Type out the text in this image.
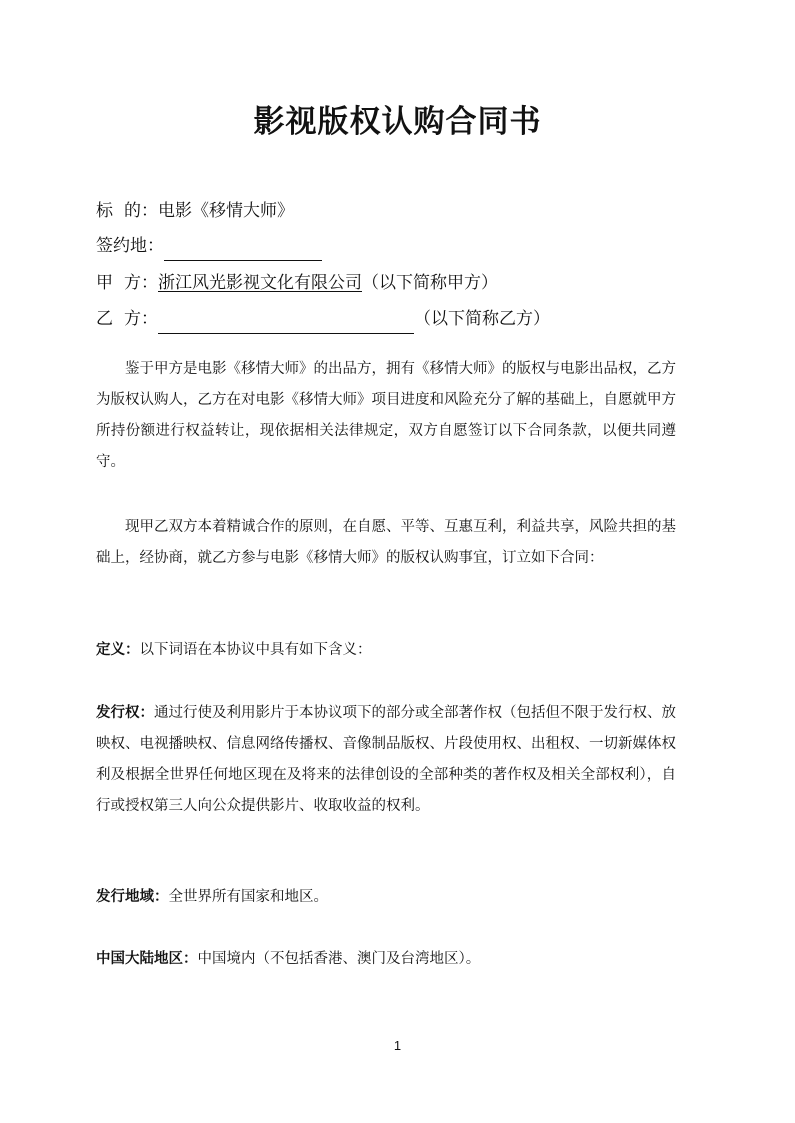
影视版权认购合同书
标 的：电影《移情大师》
签约地：
甲 方：浙江风光影视文化有限公司（以下简称甲方）
乙 方：	（以下简称乙方）
鉴于甲方是电影《移情大师》的出品方，拥有《移情大师》的版权与电影出品权，乙方为版权认购人，乙方在对电影《移情大师》项目进度和风险充分了解的基础上，自愿就甲方所持份额进行权益转让，现依据相关法律规定，双方自愿签订以下合同条款，以便共同遵守。
现甲乙双方本着精诚合作的原则，在自愿、平等、互惠互利，利益共享，风险共担的基础上，经协商，就乙方参与电影《移情大师》的版权认购事宜，订立如下合同：
定义：以下词语在本协议中具有如下含义：
发行权：通过行使及利用影片于本协议项下的部分或全部著作权（包括但不限于发行权、放映权、电视播映权、信息网络传播权、音像制品版权、片段使用权、出租权、一切新媒体权利及根据全世界任何地区现在及将来的法律创设的全部种类的著作权及相关全部权利），自行或授权第三人向公众提供影片、收取收益的权利。
发行地域：全世界所有国家和地区。
中国大陆地区：中国境内（不包括香港、澳门及台湾地区）。
1
